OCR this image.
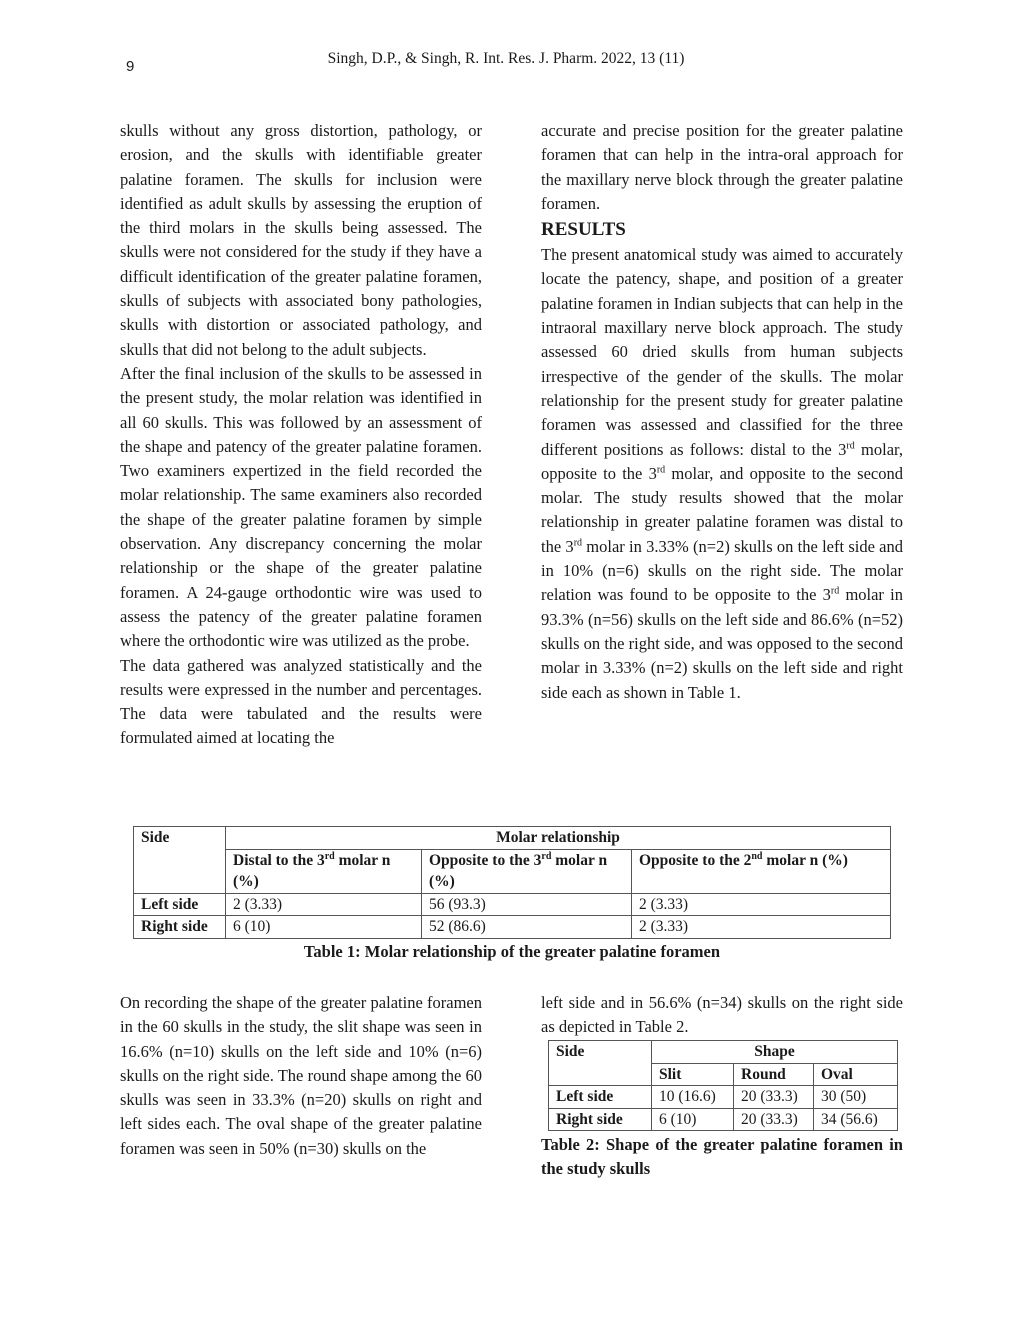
9	Singh, D.P., & Singh, R. Int. Res. J. Pharm. 2022, 13 (11)

skulls without any gross distortion, pathology, or erosion, and the skulls with identifiable greater palatine foramen. The skulls for inclusion were identified as adult skulls by assessing the eruption of the third molars in the skulls being assessed. The skulls were not considered for the study if they have a difficult identification of the greater palatine foramen, skulls of subjects with associated bony pathologies, skulls with distortion or associated pathology, and skulls that did not belong to the adult subjects.

After the final inclusion of the skulls to be assessed in the present study, the molar relation was identified in all 60 skulls. This was followed by an assessment of the shape and patency of the greater palatine foramen. Two examiners expertized in the field recorded the molar relationship. The same examiners also recorded the shape of the greater palatine foramen by simple observation. Any discrepancy concerning the molar relationship or the shape of the greater palatine foramen. A 24-gauge orthodontic wire was used to assess the patency of the greater palatine foramen where the orthodontic wire was utilized as the probe.

The data gathered was analyzed statistically and the results were expressed in the number and percentages. The data were tabulated and the results were formulated aimed at locating the

accurate and precise position for the greater palatine foramen that can help in the intra-oral approach for the maxillary nerve block through the greater palatine foramen.

RESULTS

The present anatomical study was aimed to accurately locate the patency, shape, and position of a greater palatine foramen in Indian subjects that can help in the intraoral maxillary nerve block approach. The study assessed 60 dried skulls from human subjects irrespective of the gender of the skulls. The molar relationship for the present study for greater palatine foramen was assessed and classified for the three different positions as follows: distal to the 3rd molar, opposite to the 3rd molar, and opposite to the second molar. The study results showed that the molar relationship in greater palatine foramen was distal to the 3rd molar in 3.33% (n=2) skulls on the left side and in 10% (n=6) skulls on the right side. The molar relation was found to be opposite to the 3rd molar in 93.3% (n=56) skulls on the left side and 86.6% (n=52) skulls on the right side, and was opposed to the second molar in 3.33% (n=2) skulls on the left side and right side each as shown in Table 1.

Side	Molar relationship		
	Distal to the 3rd molar n (%)	Opposite to the 3rd molar n (%)	Opposite to the 2nd molar n (%)
Left side	2 (3.33)	56 (93.3)	2 (3.33)
Right side	6 (10)	52 (86.6)	2 (3.33)
Table 1: Molar relationship of the greater palatine foramen

On recording the shape of the greater palatine foramen in the 60 skulls in the study, the slit shape was seen in 16.6% (n=10) skulls on the left side and 10% (n=6) skulls on the right side. The round shape among the 60 skulls was seen in 33.3% (n=20) skulls on right and left sides each. The oval shape of the greater palatine foramen was seen in 50% (n=30) skulls on the

left side and in 56.6% (n=34) skulls on the right side as depicted in Table 2.

Side	Shape		
	Slit	Round	Oval
Left side	10 (16.6)	20 (33.3)	30 (50)
Right side	6 (10)	20 (33.3)	34 (56.6)
Table 2: Shape of the greater palatine foramen in the study skulls
